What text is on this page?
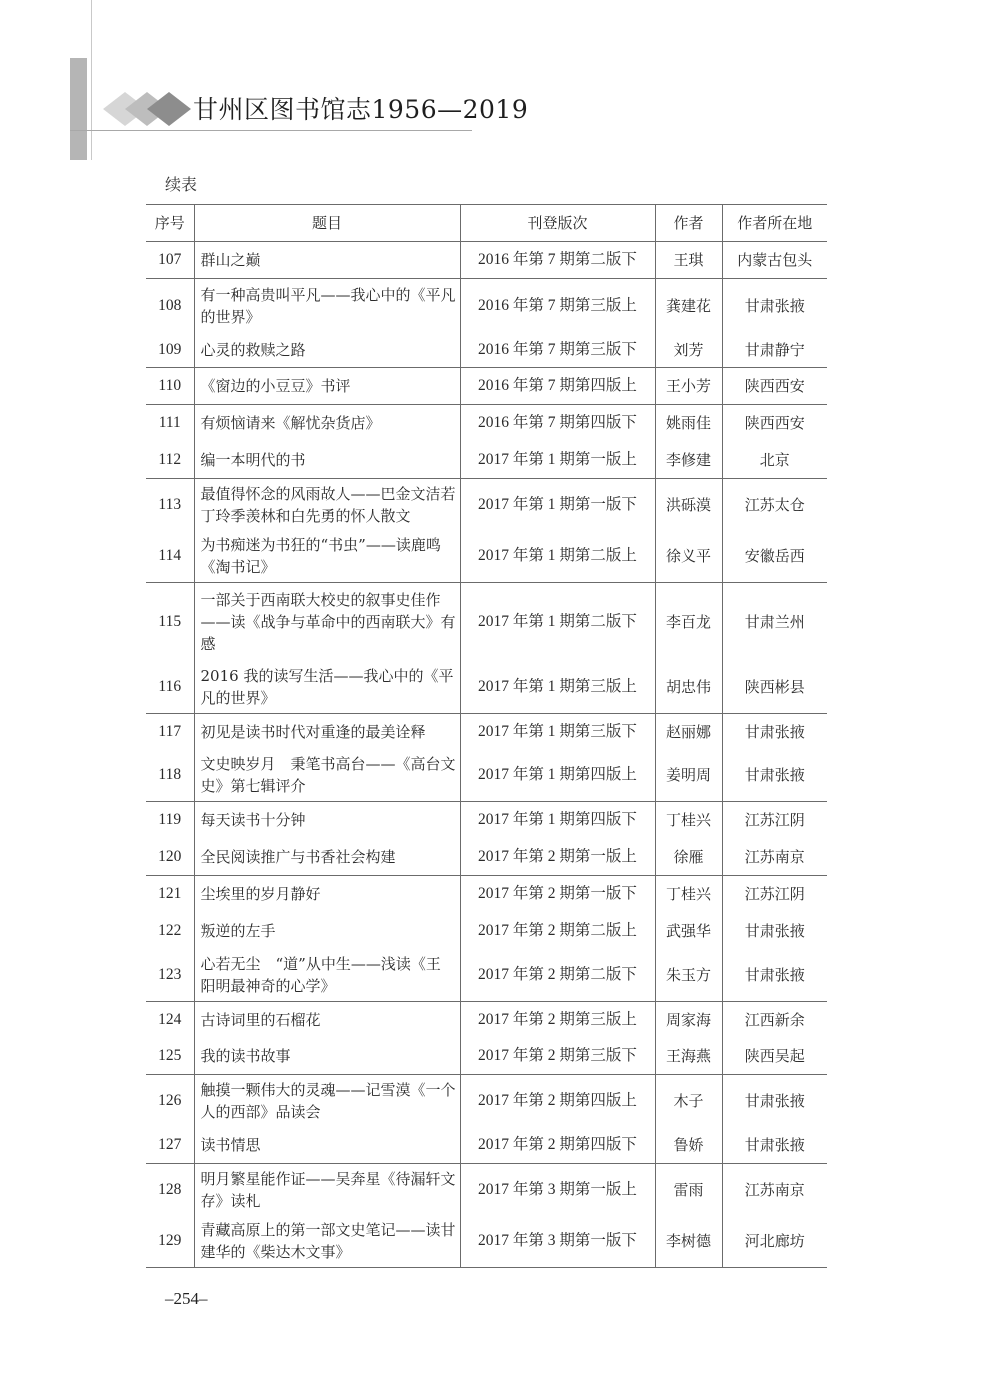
甘州区图书馆志1956—2019
续表
序号	题目	刊登版次	作者	作者所在地
107	群山之巅	2016 年第 7 期第二版下	王琪	内蒙古包头
108	有一种高贵叫平凡——我心中的《平凡的世界》	2016 年第 7 期第三版上	龚建花	甘肃张掖
109	心灵的救赎之路	2016 年第 7 期第三版下	刘芳	甘肃静宁
110	《窗边的小豆豆》书评	2016 年第 7 期第四版上	王小芳	陕西西安
111	有烦恼请来《解忧杂货店》	2016 年第 7 期第四版下	姚雨佳	陕西西安
112	编一本明代的书	2017 年第 1 期第一版上	李修建	北京
113	最值得怀念的风雨故人——巴金文洁若丁玲季羡林和白先勇的怀人散文	2017 年第 1 期第一版下	洪砾漠	江苏太仓
114	为书痴迷为书狂的“书虫”——读鹿鸣《淘书记》	2017 年第 1 期第二版上	徐义平	安徽岳西
115	一部关于西南联大校史的叙事史佳作——读《战争与革命中的西南联大》有感	2017 年第 1 期第二版下	李百龙	甘肃兰州
116	2016 我的读写生活——我心中的《平凡的世界》	2017 年第 1 期第三版上	胡忠伟	陕西彬县
117	初见是读书时代对重逢的最美诠释	2017 年第 1 期第三版下	赵丽娜	甘肃张掖
118	文史映岁月　秉笔书高台——《高台文史》第七辑评介	2017 年第 1 期第四版上	姜明周	甘肃张掖
119	每天读书十分钟	2017 年第 1 期第四版下	丁桂兴	江苏江阴
120	全民阅读推广与书香社会构建	2017 年第 2 期第一版上	徐雁	江苏南京
121	尘埃里的岁月静好	2017 年第 2 期第一版下	丁桂兴	江苏江阴
122	叛逆的左手	2017 年第 2 期第二版上	武强华	甘肃张掖
123	心若无尘　“道”从中生——浅读《王阳明最神奇的心学》	2017 年第 2 期第二版下	朱玉方	甘肃张掖
124	古诗词里的石榴花	2017 年第 2 期第三版上	周家海	江西新余
125	我的读书故事	2017 年第 2 期第三版下	王海燕	陕西吴起
126	触摸一颗伟大的灵魂——记雪漠《一个人的西部》品读会	2017 年第 2 期第四版上	木子	甘肃张掖
127	读书情思	2017 年第 2 期第四版下	鲁娇	甘肃张掖
128	明月繁星能作证——吴奔星《待漏轩文存》读札	2017 年第 3 期第一版上	雷雨	江苏南京
129	青藏高原上的第一部文史笔记——读甘建华的《柴达木文事》	2017 年第 3 期第一版下	李树德	河北廊坊
–254–
